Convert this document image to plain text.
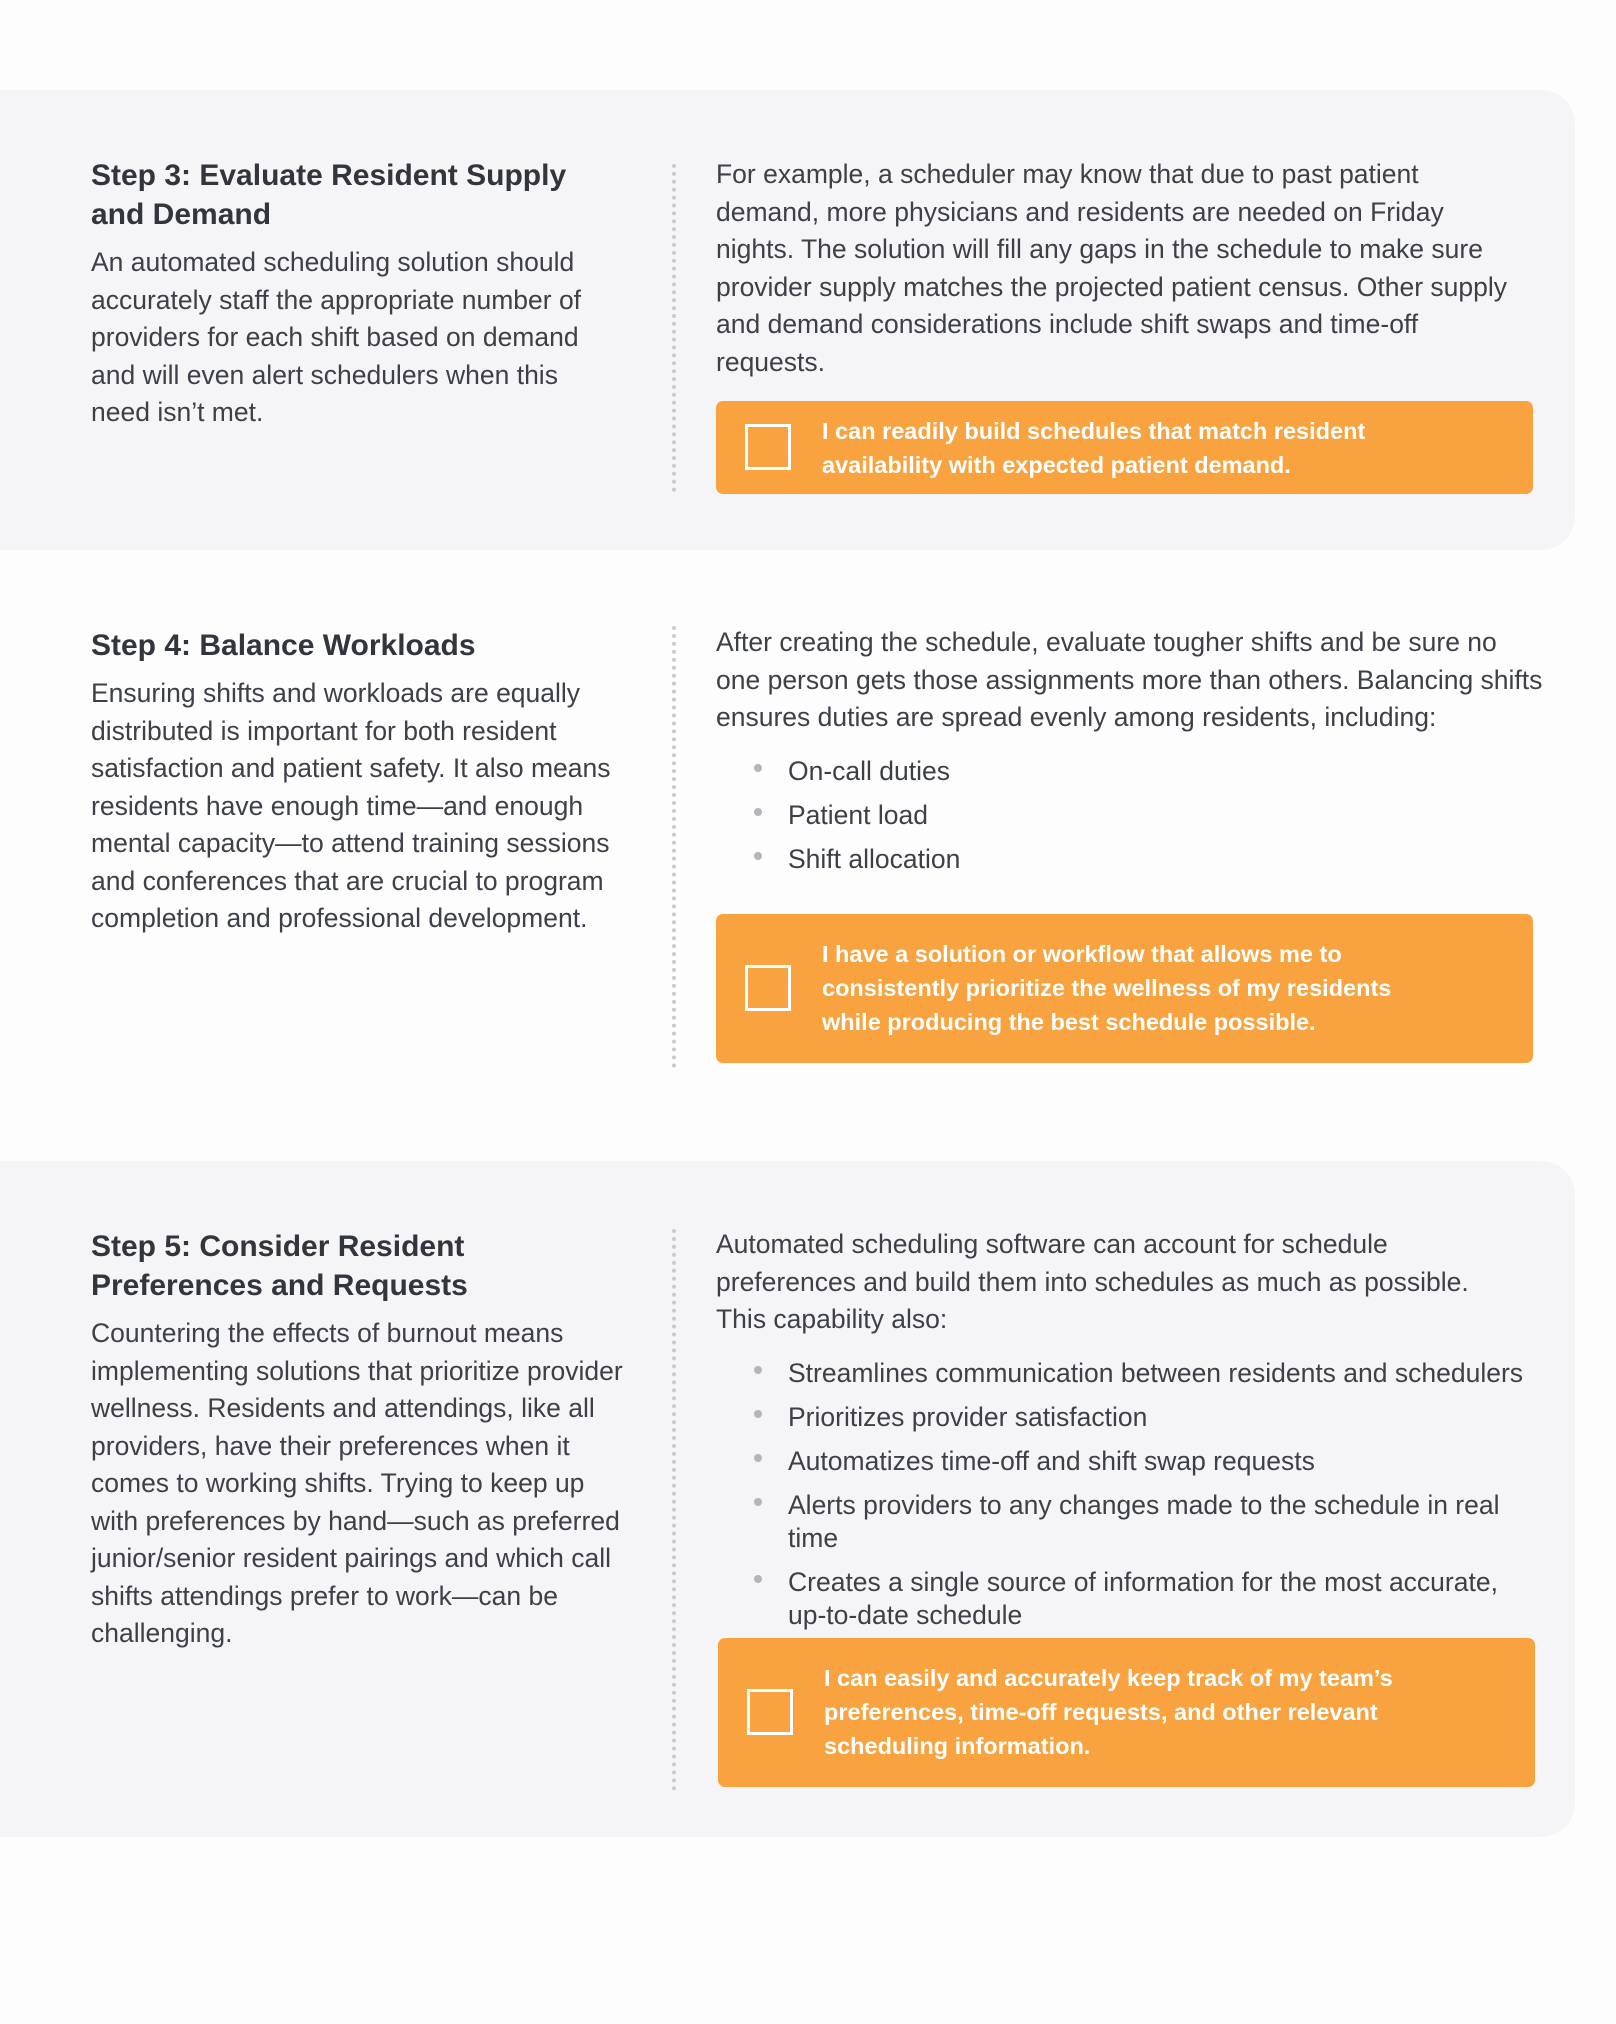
Step 3: Evaluate Resident Supply and Demand

An automated scheduling solution should accurately staff the appropriate number of providers for each shift based on demand and will even alert schedulers when this need isn’t met.

For example, a scheduler may know that due to past patient demand, more physicians and residents are needed on Friday nights. The solution will fill any gaps in the schedule to make sure provider supply matches the projected patient census. Other supply and demand considerations include shift swaps and time-off requests.

I can readily build schedules that match resident availability with expected patient demand.

Step 4: Balance Workloads

Ensuring shifts and workloads are equally distributed is important for both resident satisfaction and patient safety. It also means residents have enough time—and enough mental capacity—to attend training sessions and conferences that are crucial to program completion and professional development.

After creating the schedule, evaluate tougher shifts and be sure no one person gets those assignments more than others. Balancing shifts ensures duties are spread evenly among residents, including:

On-call duties
Patient load
Shift allocation

I have a solution or workflow that allows me to consistently prioritize the wellness of my residents while producing the best schedule possible.

Step 5: Consider Resident Preferences and Requests

Countering the effects of burnout means implementing solutions that prioritize provider wellness. Residents and attendings, like all providers, have their preferences when it comes to working shifts. Trying to keep up with preferences by hand—such as preferred junior/senior resident pairings and which call shifts attendings prefer to work—can be challenging.

Automated scheduling software can account for schedule preferences and build them into schedules as much as possible. This capability also:

Streamlines communication between residents and schedulers
Prioritizes provider satisfaction
Automatizes time-off and shift swap requests
Alerts providers to any changes made to the schedule in real time
Creates a single source of information for the most accurate, up-to-date schedule

I can easily and accurately keep track of my team’s preferences, time-off requests, and other relevant scheduling information.
